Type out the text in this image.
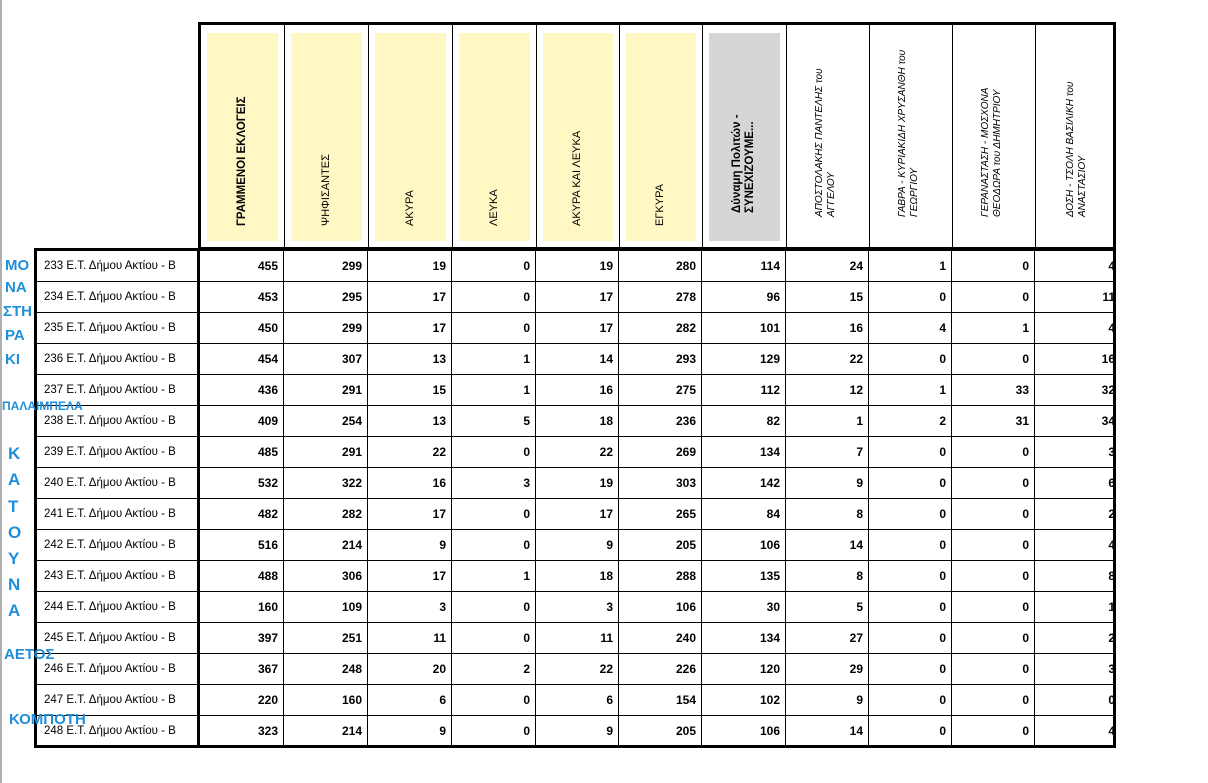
ΓΡΑΜΜΕΝΟΙ ΕΚΛΟΓΕΙΣ	ΨΗΦΙΣΑΝΤΕΣ	ΑΚΥΡΑ	ΛΕΥΚΑ	ΑΚΥΡΑ ΚΑΙ ΛΕΥΚΑ	ΕΓΚΥΡΑ	Δύναμη Πολιτών - ΣΥΝΕΧΙΖΟΥΜΕ...	ΑΠΟΣΤΟΛΑΚΗΣ ΠΑΝΤΕΛΗΣ του ΑΓΓΕΛΟΥ	ΓΑΒΡΑ - ΚΥΡΙΑΚΙΔΗ ΧΡΥΣΑΝΘΗ του ΓΕΩΡΓΙΟΥ	ΓΕΡΑΝΑΣΤΑΣΗ - ΜΟΣΧΟΝΑ ΘΕΟΔΩΡΑ του ΔΗΜΗΤΡΙΟΥ	ΔΟΣΗ - ΤΣΟΛΗ ΒΑΣΙΛΙΚΗ του ΑΝΑΣΤΑΣΙΟΥ
233 Ε.Τ. Δήμου Ακτίου - Β	455	299	19	0	19	280	114	24	1	0	4
234 Ε.Τ. Δήμου Ακτίου - Β	453	295	17	0	17	278	96	15	0	0	11
235 Ε.Τ. Δήμου Ακτίου - Β	450	299	17	0	17	282	101	16	4	1	4
236 Ε.Τ. Δήμου Ακτίου - Β	454	307	13	1	14	293	129	22	0	0	16
237 Ε.Τ. Δήμου Ακτίου - Β	436	291	15	1	16	275	112	12	1	33	32
238 Ε.Τ. Δήμου Ακτίου - Β	409	254	13	5	18	236	82	1	2	31	34
239 Ε.Τ. Δήμου Ακτίου - Β	485	291	22	0	22	269	134	7	0	0	3
240 Ε.Τ. Δήμου Ακτίου - Β	532	322	16	3	19	303	142	9	0	0	6
241 Ε.Τ. Δήμου Ακτίου - Β	482	282	17	0	17	265	84	8	0	0	2
242 Ε.Τ. Δήμου Ακτίου - Β	516	214	9	0	9	205	106	14	0	0	4
243 Ε.Τ. Δήμου Ακτίου - Β	488	306	17	1	18	288	135	8	0	0	8
244 Ε.Τ. Δήμου Ακτίου - Β	160	109	3	0	3	106	30	5	0	0	1
245 Ε.Τ. Δήμου Ακτίου - Β	397	251	11	0	11	240	134	27	0	0	2
246 Ε.Τ. Δήμου Ακτίου - Β	367	248	20	2	22	226	120	29	0	0	3
247 Ε.Τ. Δήμου Ακτίου - Β	220	160	6	0	6	154	102	9	0	0	0
248 Ε.Τ. Δήμου Ακτίου - Β	323	214	9	0	9	205	106	14	0	0	4
ΜΟ
ΝΑ
ΣΤΗ
ΡΑ
ΚΙ
ΠΑΛΑΙΜΠΕΛΑ
Κ
Α
Τ
Ο
Υ
Ν
Α
ΑΕΤΟΣ
ΚΟΜΠΟΤΗ
